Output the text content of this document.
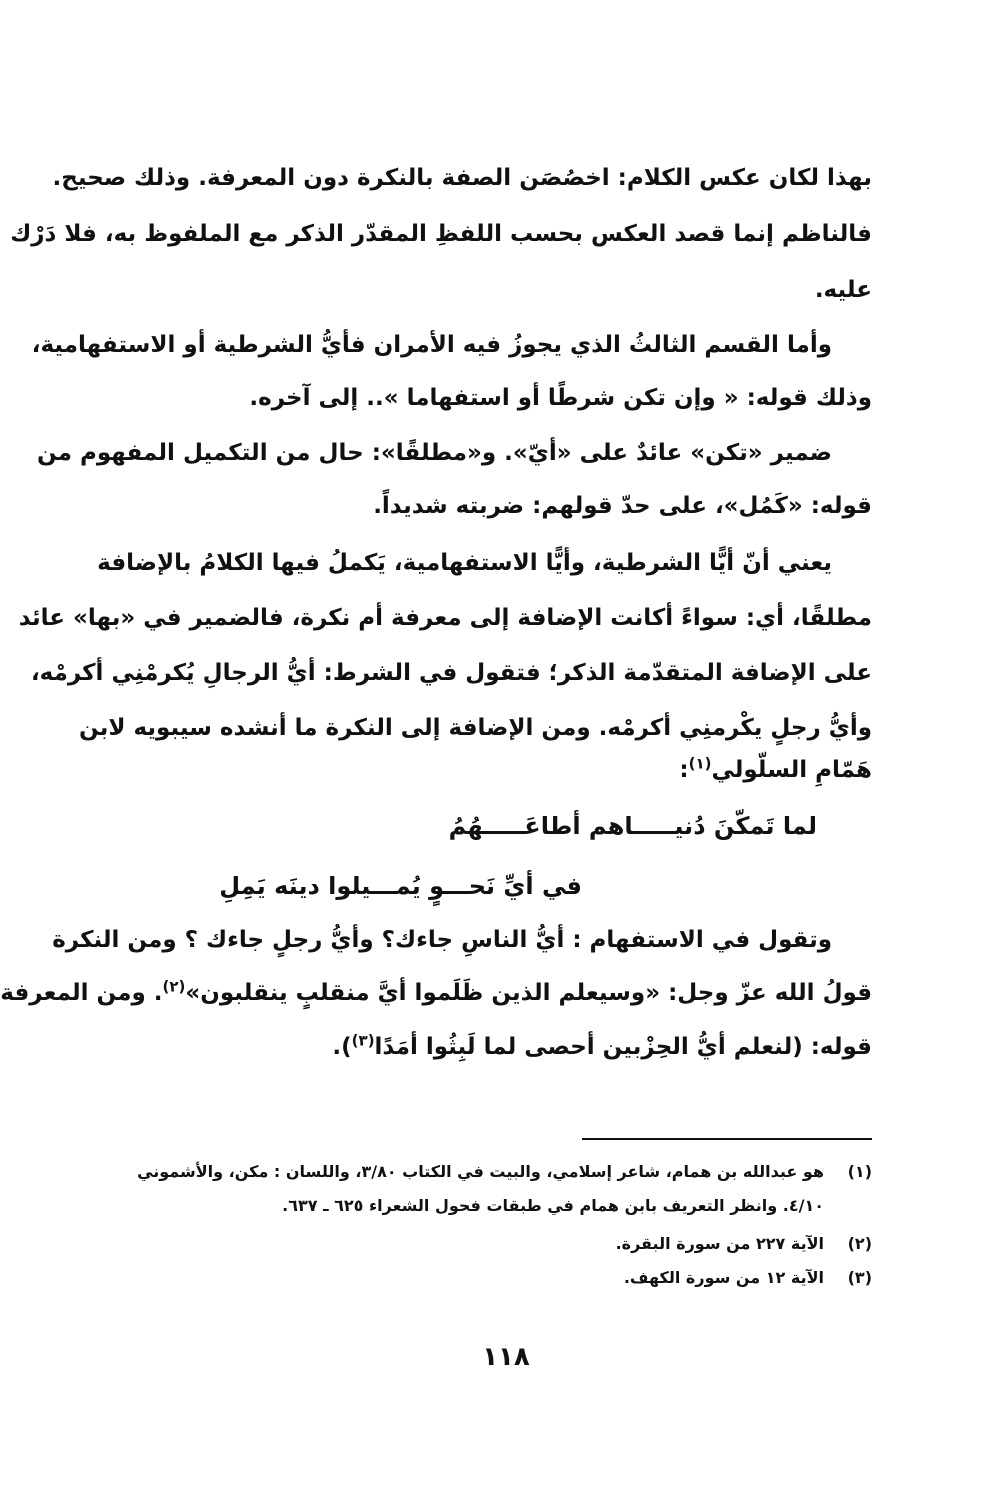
بهذا لكان عكس الكلام: اخصُصَن الصفة بالنكرة دون المعرفة. وذلك صحيح.
فالناظم إنما قصد العكس بحسب اللفظِ المقدّر الذكر مع الملفوظ به، فلا دَرْك
عليه.
وأما القسم الثالثُ الذي يجوزُ فيه الأمران فأيُّ الشرطية أو الاستفهامية،
وذلك قوله: « وإن تكن شرطًا أو استفهاما ».. إلى آخره.
ضمير «تكن» عائدٌ على «أيّ». و«مطلقًا»: حال من التكميل المفهوم من
قوله: «كَمُل»، على حدّ قولهم: ضربته شديداً.
يعني أنّ أيًّا الشرطية، وأيًّا الاستفهامية، يَكملُ فيها الكلامُ بالإضافة
مطلقًا، أي: سواءً أكانت الإضافة إلى معرفة أم نكرة، فالضمير في «بها» عائد
على الإضافة المتقدّمة الذكر؛ فتقول في الشرط: أيُّ الرجالِ يُكرمْنِي أكرمْه،
وأيُّ رجلٍ يكْرمنِي أكرمْه. ومن الإضافة إلى النكرة ما أنشده سيبويه لابن
هَمّامِ السلّولي$^{(١)}$:
لما تَمكّنَ دُنيـــــاهم أطاعَـــــهُمُ
في أيِّ نَحـــوٍ يُمـــيلوا دينَه يَمِلِ
وتقول في الاستفهام : أيُّ الناسِ جاءك؟ وأيُّ رجلٍ جاءك ؟ ومن النكرة
قولُ الله عزّ وجل: «وسيعلم الذين ظَلَموا أيَّ منقلبٍ ينقلبون»$^{(٢)}$. ومن المعرفة
قوله: (لنعلم أيُّ الحِزْبين أحصى لما لَبِثُوا أمَدًا$^{(٣)}$).
(١)هو عبدالله بن همام، شاعر إسلامي، والبيت في الكتاب ٣/٨٠، واللسان : مكن، والأشموني
٤/١٠. وانظر التعريف بابن همام في طبقات فحول الشعراء ٦٢٥ ـ ٦٣٧.
(٢)الآية ٢٢٧ من سورة البقرة.
(٣)الآية ١٢ من سورة الكهف.
١١٨
